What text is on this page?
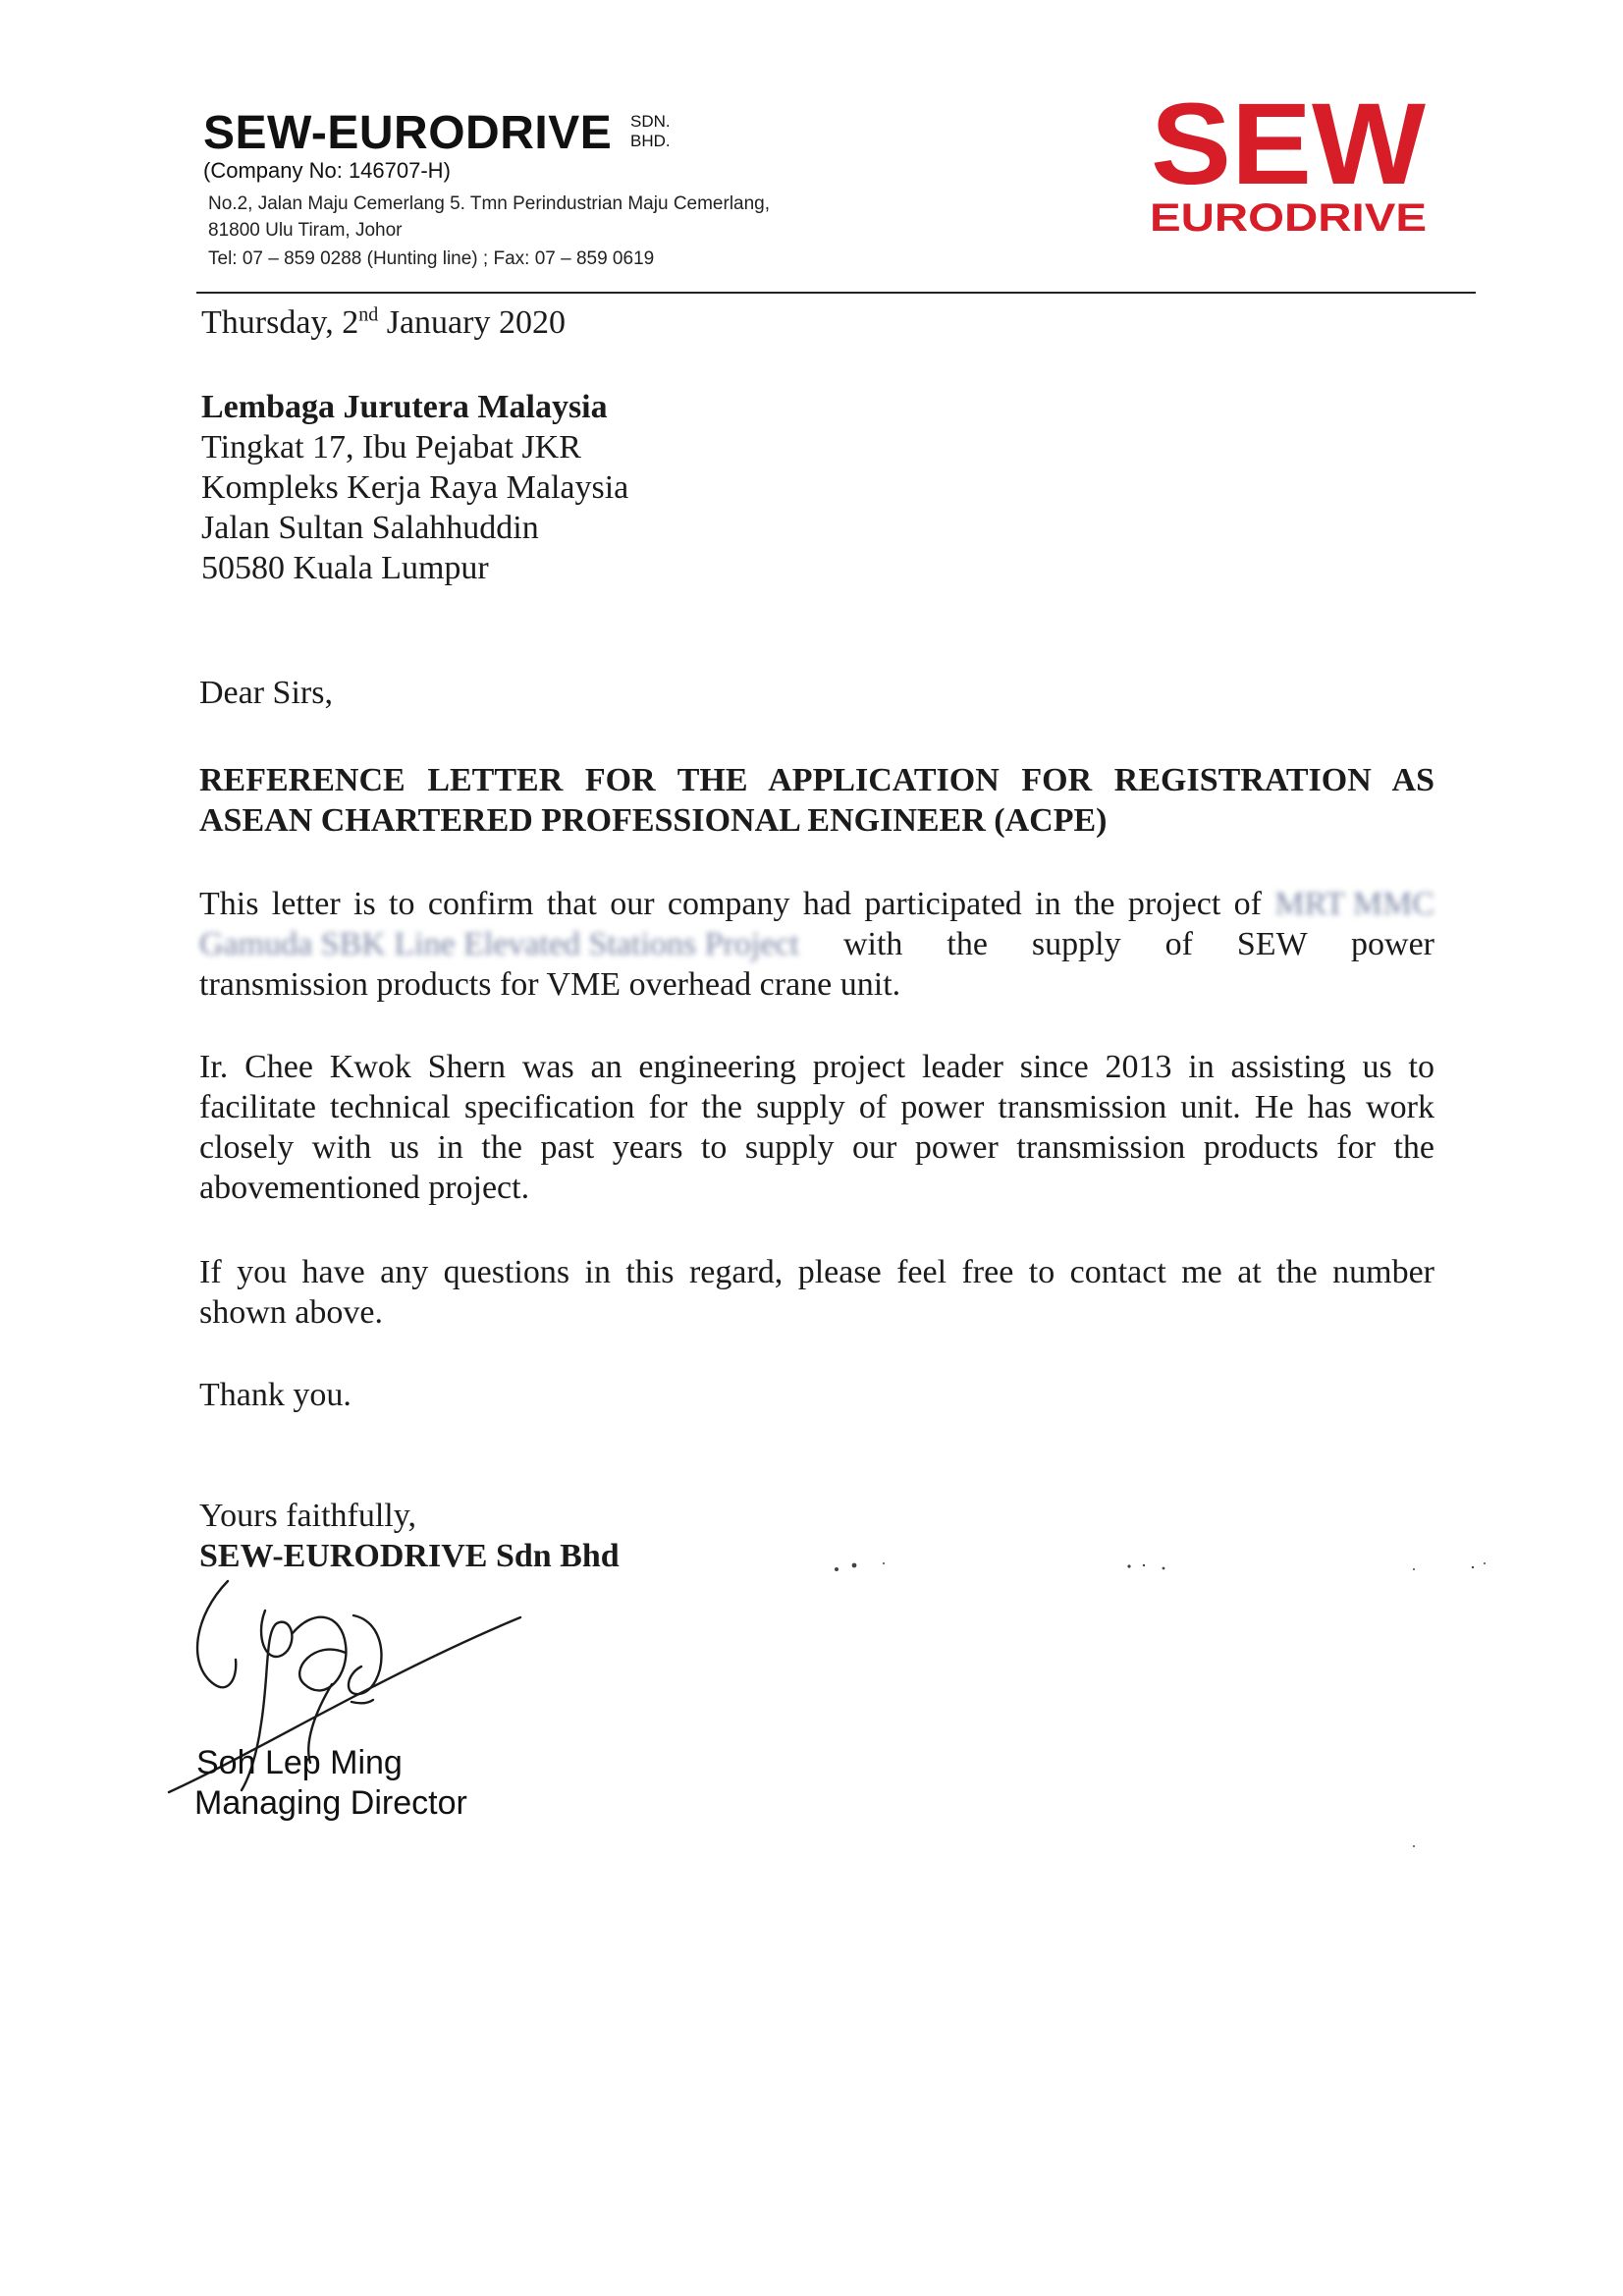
SEW-EURODRIVE SDN.
BHD.
(Company No: 146707-H)
No.2, Jalan Maju Cemerlang 5. Tmn Perindustrian Maju Cemerlang,
81800 Ulu Tiram, Johor
Tel: 07 – 859 0288 (Hunting line) ; Fax: 07 – 859 0619
SEW
EURODRIVE
Thursday, 2nd January 2020
Lembaga Jurutera Malaysia
Tingkat 17, Ibu Pejabat JKR
Kompleks Kerja Raya Malaysia
Jalan Sultan Salahhuddin
50580 Kuala Lumpur
Dear Sirs,
REFERENCE LETTER FOR THE APPLICATION FOR REGISTRATION AS
ASEAN CHARTERED PROFESSIONAL ENGINEER (ACPE)
This letter is to confirm that our company had participated in the project of MRT MMC
Gamuda SBK Line Elevated Stations Project with the supply of SEW power
transmission products for VME overhead crane unit.
Ir. Chee Kwok Shern was an engineering project leader since 2013 in assisting us to
facilitate technical specification for the supply of power transmission unit. He has work
closely with us in the past years to supply our power transmission products for the
abovementioned project.
If you have any questions in this regard, please feel free to contact me at the number
shown above.
Thank you.
Yours faithfully,
SEW-EURODRIVE Sdn Bhd
Soh Lep Ming
Managing Director
